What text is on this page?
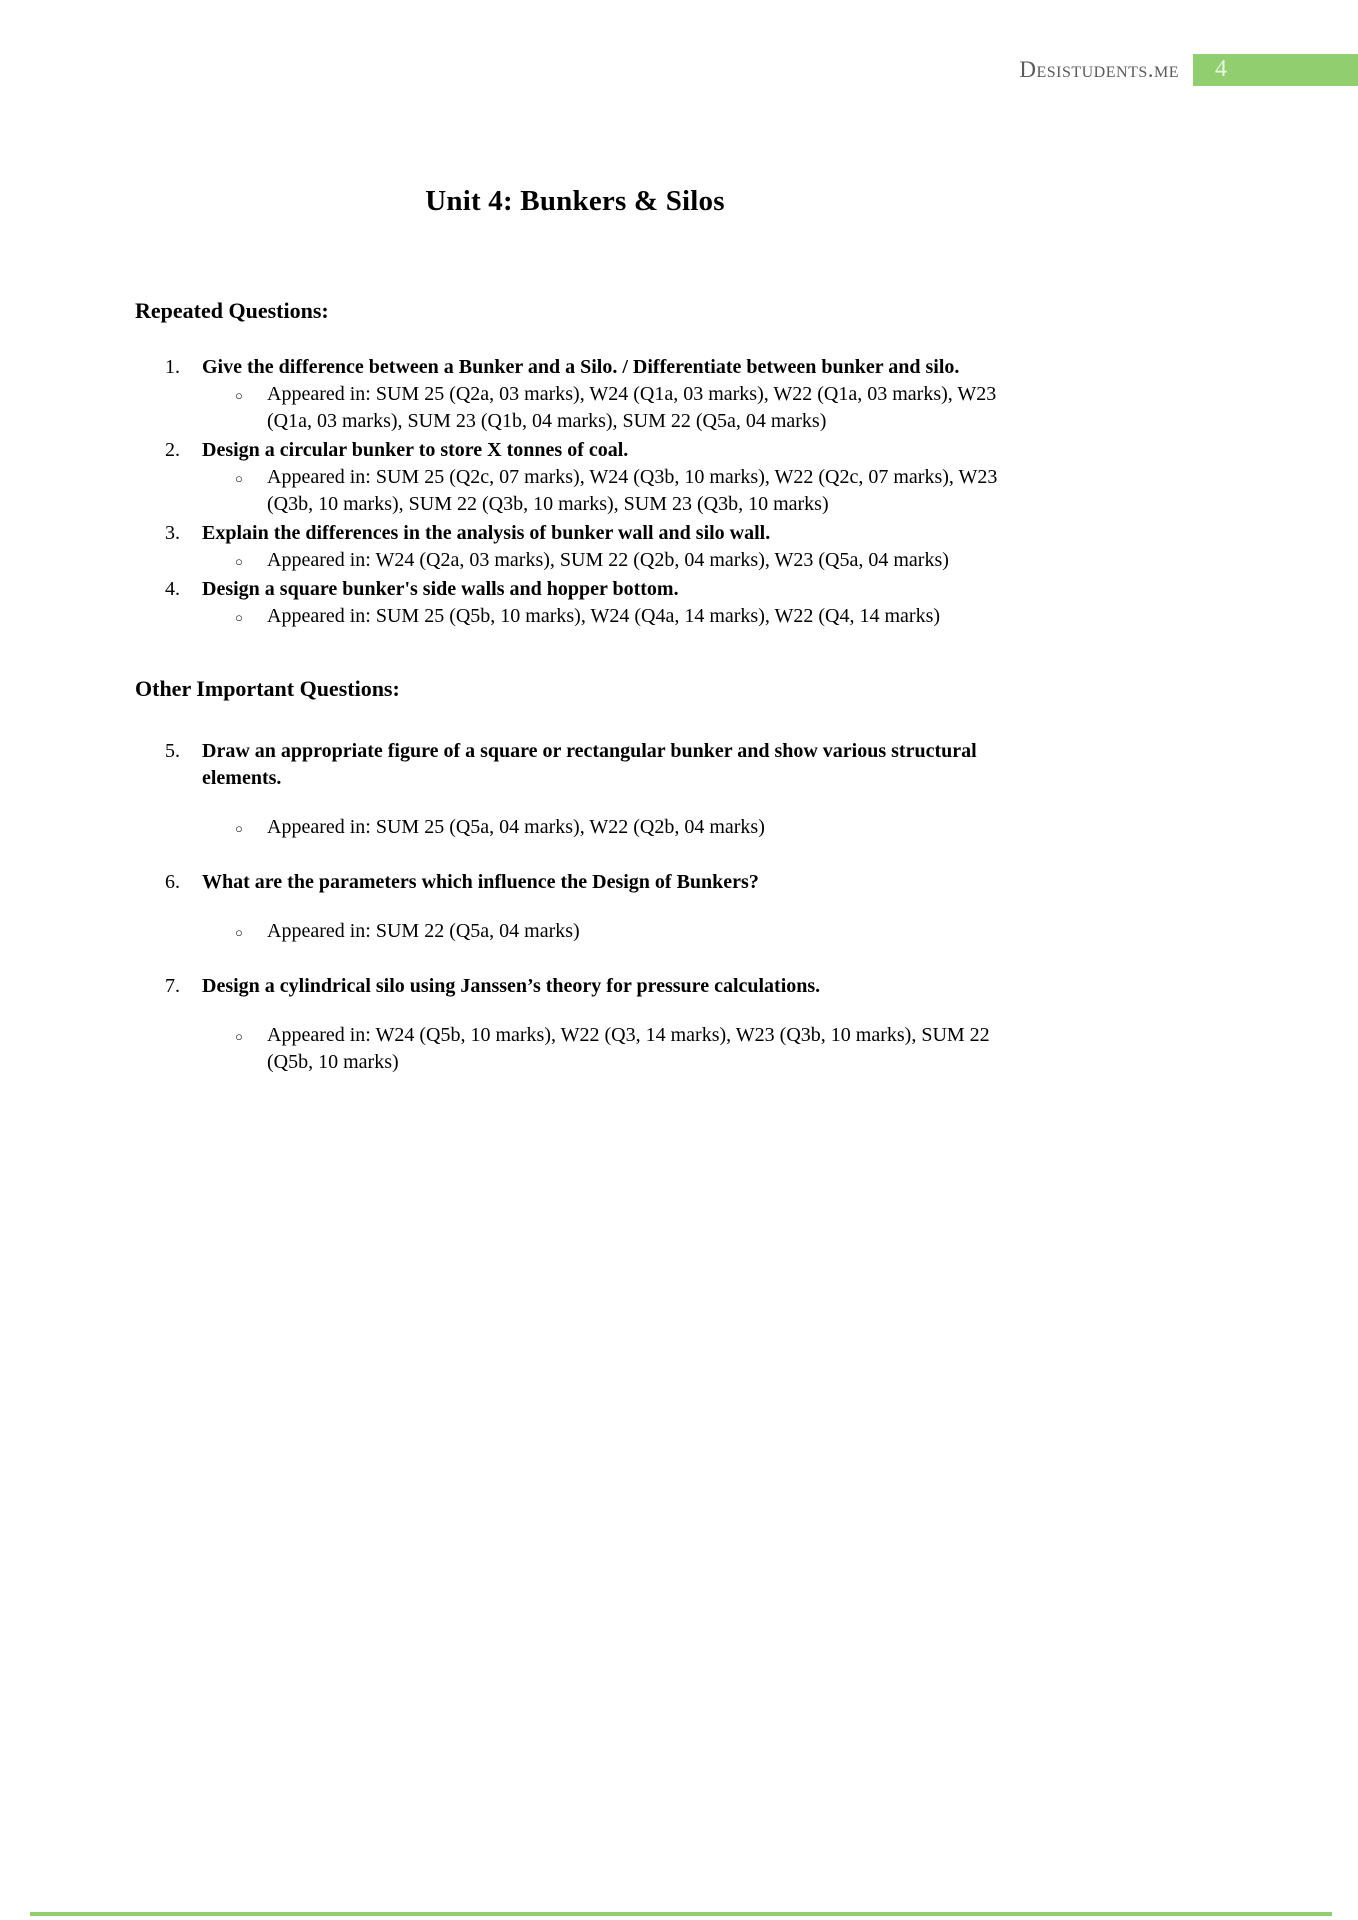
Desistudents.me	4
Unit 4: Bunkers & Silos
Repeated Questions:
1. Give the difference between a Bunker and a Silo. / Differentiate between bunker and silo.
○ Appeared in: SUM 25 (Q2a, 03 marks), W24 (Q1a, 03 marks), W22 (Q1a, 03 marks), W23 (Q1a, 03 marks), SUM 23 (Q1b, 04 marks), SUM 22 (Q5a, 04 marks)
2. Design a circular bunker to store X tonnes of coal.
○ Appeared in: SUM 25 (Q2c, 07 marks), W24 (Q3b, 10 marks), W22 (Q2c, 07 marks), W23 (Q3b, 10 marks), SUM 22 (Q3b, 10 marks), SUM 23 (Q3b, 10 marks)
3. Explain the differences in the analysis of bunker wall and silo wall.
○ Appeared in: W24 (Q2a, 03 marks), SUM 22 (Q2b, 04 marks), W23 (Q5a, 04 marks)
4. Design a square bunker's side walls and hopper bottom.
○ Appeared in: SUM 25 (Q5b, 10 marks), W24 (Q4a, 14 marks), W22 (Q4, 14 marks)
Other Important Questions:
5. Draw an appropriate figure of a square or rectangular bunker and show various structural elements.
○ Appeared in: SUM 25 (Q5a, 04 marks), W22 (Q2b, 04 marks)
6. What are the parameters which influence the Design of Bunkers?
○ Appeared in: SUM 22 (Q5a, 04 marks)
7. Design a cylindrical silo using Janssen’s theory for pressure calculations.
○ Appeared in: W24 (Q5b, 10 marks), W22 (Q3, 14 marks), W23 (Q3b, 10 marks), SUM 22 (Q5b, 10 marks)
